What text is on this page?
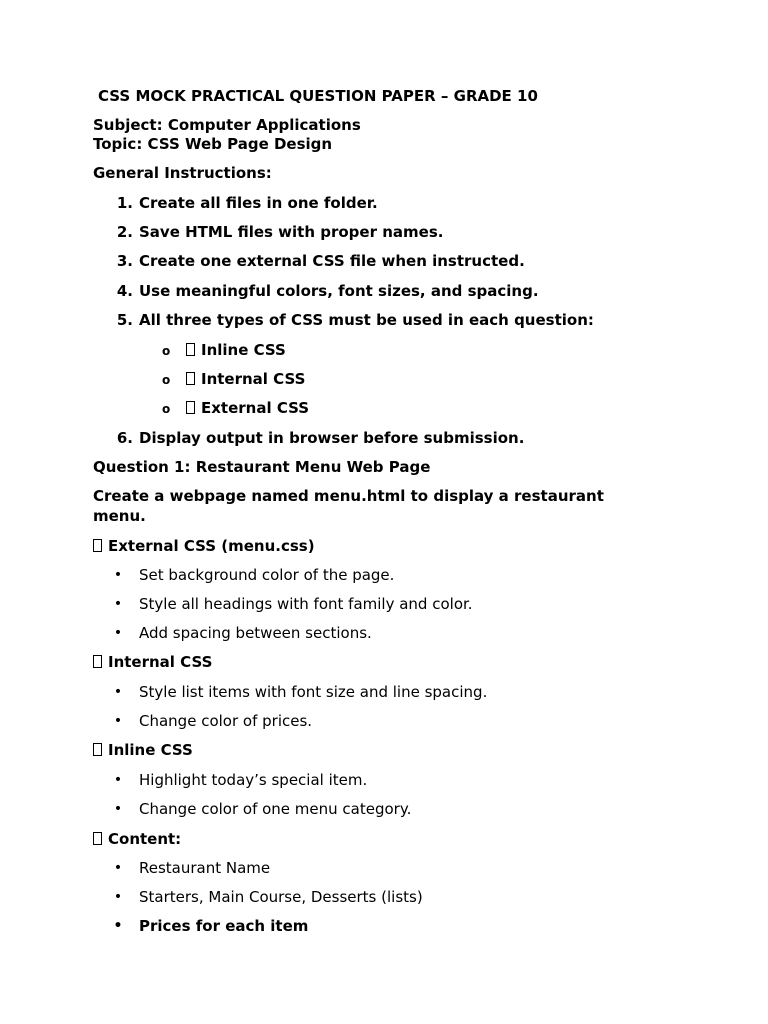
CSS MOCK PRACTICAL QUESTION PAPER – GRADE 10
Subject: Computer Applications
Topic: CSS Web Page Design
General Instructions:
1. Create all files in one folder.
2. Save HTML files with proper names.
3. Create one external CSS file when instructed.
4. Use meaningful colors, font sizes, and spacing.
5. All three types of CSS must be used in each question:
o	Inline CSS
o	Internal CSS
o	External CSS
6. Display output in browser before submission.
Question 1: Restaurant Menu Web Page
Create a webpage named menu.html to display a restaurant menu.
External CSS (menu.css)
• Set background color of the page.
• Style all headings with font family and color.
• Add spacing between sections.
Internal CSS
• Style list items with font size and line spacing.
• Change color of prices.
Inline CSS
• Highlight today’s special item.
• Change color of one menu category.
Content:
• Restaurant Name
• Starters, Main Course, Desserts (lists)
• Prices for each item
